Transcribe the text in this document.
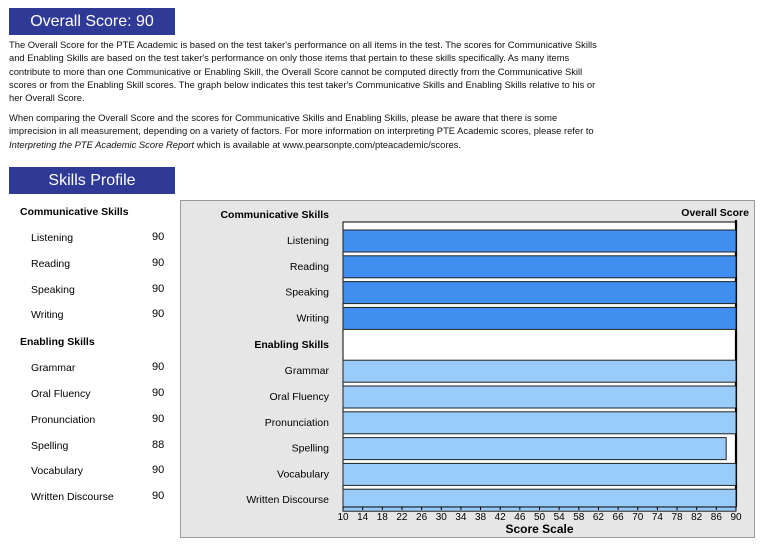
Overall Score: 90

The Overall Score for the PTE Academic is based on the test taker's performance on all items in the test. The scores for Communicative Skills and Enabling Skills are based on the test taker's performance on only those items that pertain to these skills specifically. As many items contribute to more than one Communicative or Enabling Skill, the Overall Score cannot be computed directly from the Communicative Skill scores or from the Enabling Skill scores. The graph below indicates this test taker's Communicative Skills and Enabling Skills relative to his or her Overall Score.

When comparing the Overall Score and the scores for Communicative Skills and Enabling Skills, please be aware that there is some imprecision in all measurement, depending on a variety of factors. For more information on interpreting PTE Academic scores, please refer to Interpreting the PTE Academic Score Report which is available at www.pearsonpte.com/pteacademic/scores.

Skills Profile
Communicative Skills
Listening	90
Reading	90
Speaking	90
Writing	90
Enabling Skills
Grammar	90
Oral Fluency	90
Pronunciation	90
Spelling	88
Vocabulary	90
Written Discourse	90
Overall Score
Communicative Skills
Listening
Reading
Speaking
Writing
Enabling Skills
Grammar
Oral Fluency
Pronunciation
Spelling
Vocabulary
Written Discourse
10 14 18 22 26 30 34 38 42 46 50 54 58 62 66 70 74 78 82 86 90
Score Scale
